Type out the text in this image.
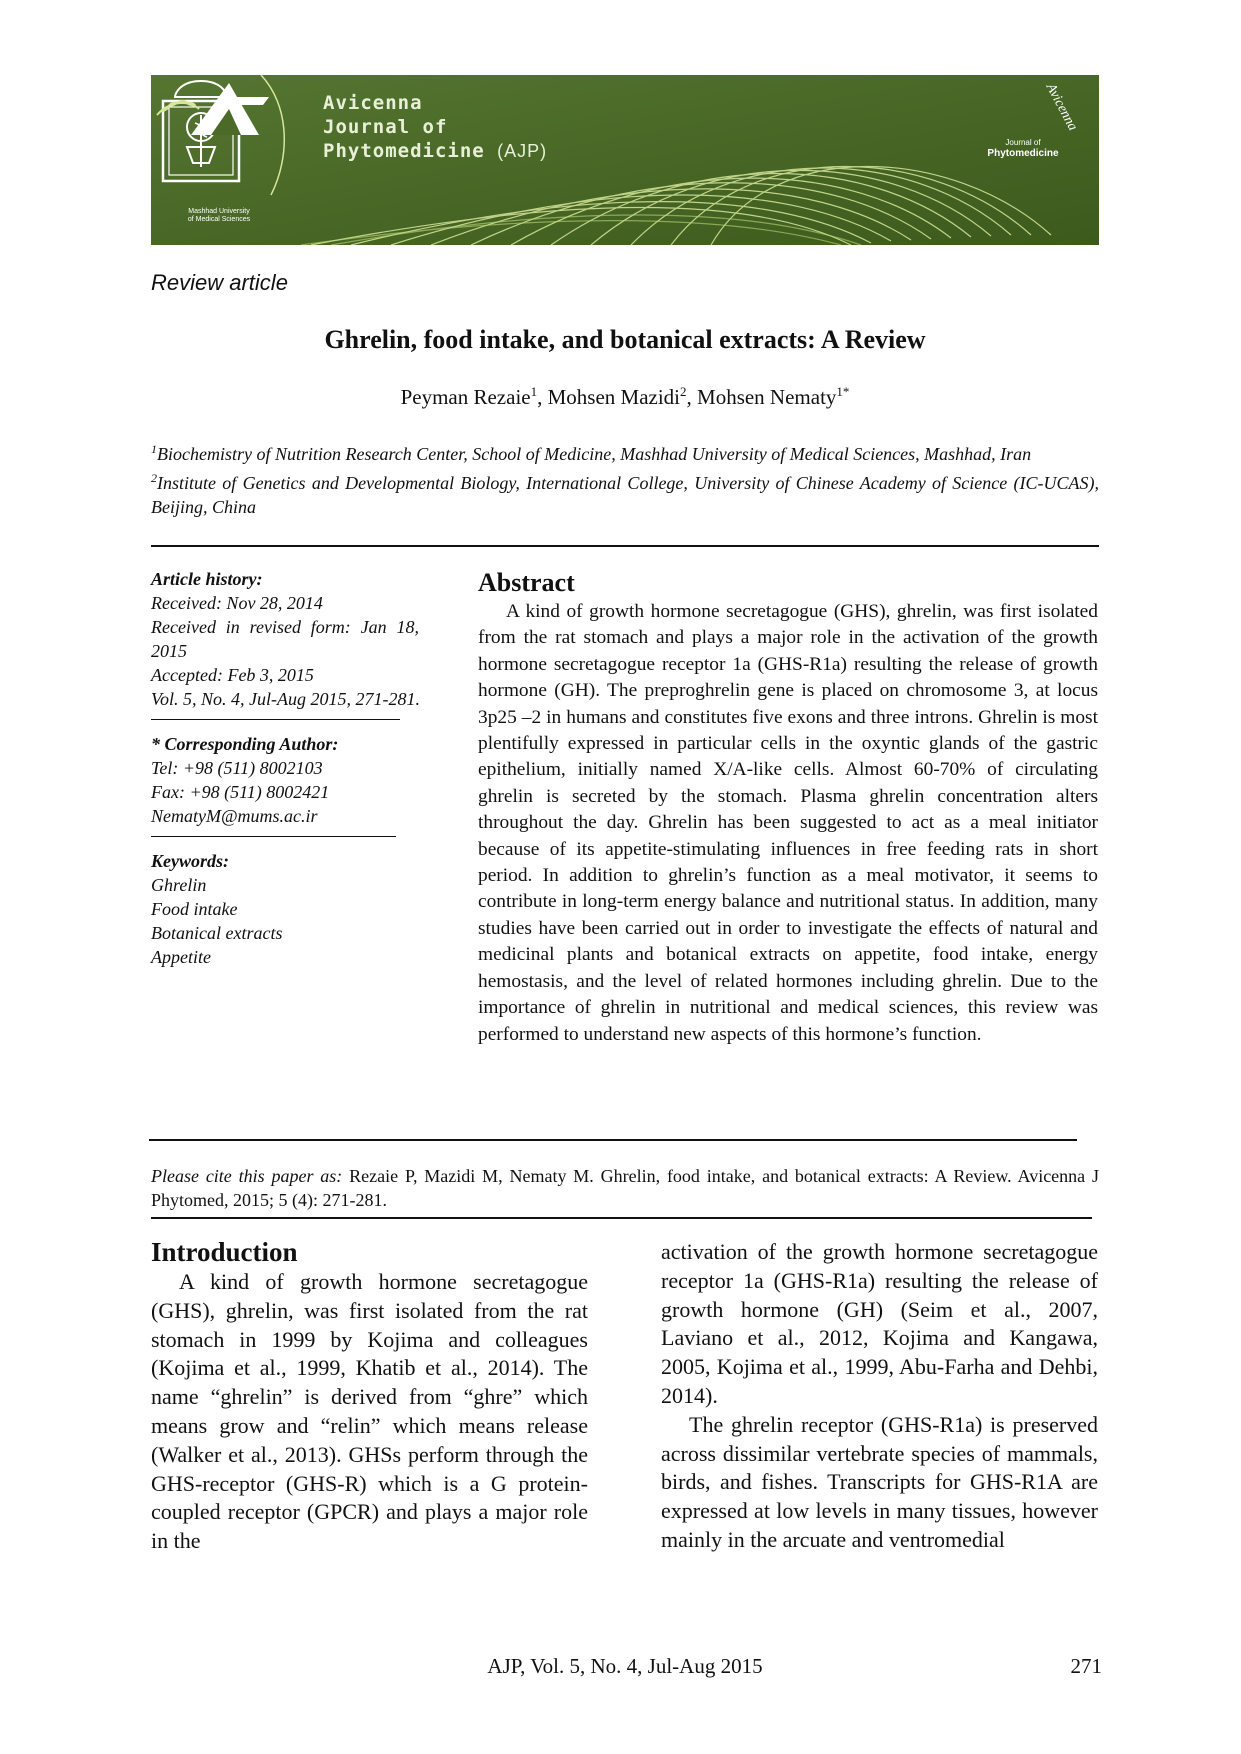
Mashhad University
of Medical Sciences
Avicenna
Journal of
Phytomedicine (AJP)	Journal of
Phytomedicine
Avicenna
Review article
Ghrelin, food intake, and botanical extracts: A Review
Peyman Rezaie$^1$, Mohsen Mazidi$^2$, Mohsen Nematy$^{1*}$

$^1$Biochemistry of Nutrition Research Center, School of Medicine, Mashhad University of Medical Sciences, Mashhad, Iran

$^2$Institute of Genetics and Developmental Biology, International College, University of Chinese Academy of Science (IC-UCAS), Beijing, China

Article history:
Received: Nov 28, 2014
Received in revised form: Jan 18, 2015
Accepted: Feb 3, 2015
Vol. 5, No. 4, Jul-Aug 2015, 271-281.
* Corresponding Author:
Tel: +98 (511) 8002103
Fax: +98 (511) 8002421
NematyM@mums.ac.ir
Keywords:
Ghrelin
Food intake
Botanical extracts
Appetite
Abstract

A kind of growth hormone secretagogue (GHS), ghrelin, was first isolated from the rat stomach and plays a major role in the activation of the growth hormone secretagogue receptor 1a (GHS-R1a) resulting the release of growth hormone (GH). The preproghrelin gene is placed on chromosome 3, at locus 3p25 –2 in humans and constitutes five exons and three introns. Ghrelin is most plentifully expressed in particular cells in the oxyntic glands of the gastric epithelium, initially named X/A-like cells. Almost 60-70% of circulating ghrelin is secreted by the stomach. Plasma ghrelin concentration alters throughout the day. Ghrelin has been suggested to act as a meal initiator because of its appetite-stimulating influences in free feeding rats in short period. In addition to ghrelin’s function as a meal motivator, it seems to contribute in long-term energy balance and nutritional status. In addition, many studies have been carried out in order to investigate the effects of natural and medicinal plants and botanical extracts on appetite, food intake, energy hemostasis, and the level of related hormones including ghrelin. Due to the importance of ghrelin in nutritional and medical sciences, this review was performed to understand new aspects of this hormone’s function.

Please cite this paper as: Rezaie P, Mazidi M, Nematy M. Ghrelin, food intake, and botanical extracts: A Review. Avicenna J Phytomed, 2015; 5 (4): 271-281.
Introduction

A kind of growth hormone secretagogue (GHS), ghrelin, was first isolated from the rat stomach in 1999 by Kojima and colleagues (Kojima et al., 1999, Khatib et al., 2014). The name “ghrelin” is derived from “ghre” which means grow and “relin” which means release (Walker et al., 2013). GHSs perform through the GHS-receptor (GHS-R) which is a G protein-coupled receptor (GPCR) and plays a major role in the

activation of the growth hormone secretagogue receptor 1a (GHS-R1a) resulting the release of growth hormone (GH) (Seim et al., 2007, Laviano et al., 2012, Kojima and Kangawa, 2005, Kojima et al., 1999, Abu-Farha and Dehbi, 2014).

The ghrelin receptor (GHS-R1a) is preserved across dissimilar vertebrate species of mammals, birds, and fishes. Transcripts for GHS-R1A are expressed at low levels in many tissues, however mainly in the arcuate and ventromedial

AJP, Vol. 5, No. 4, Jul-Aug 2015	271
